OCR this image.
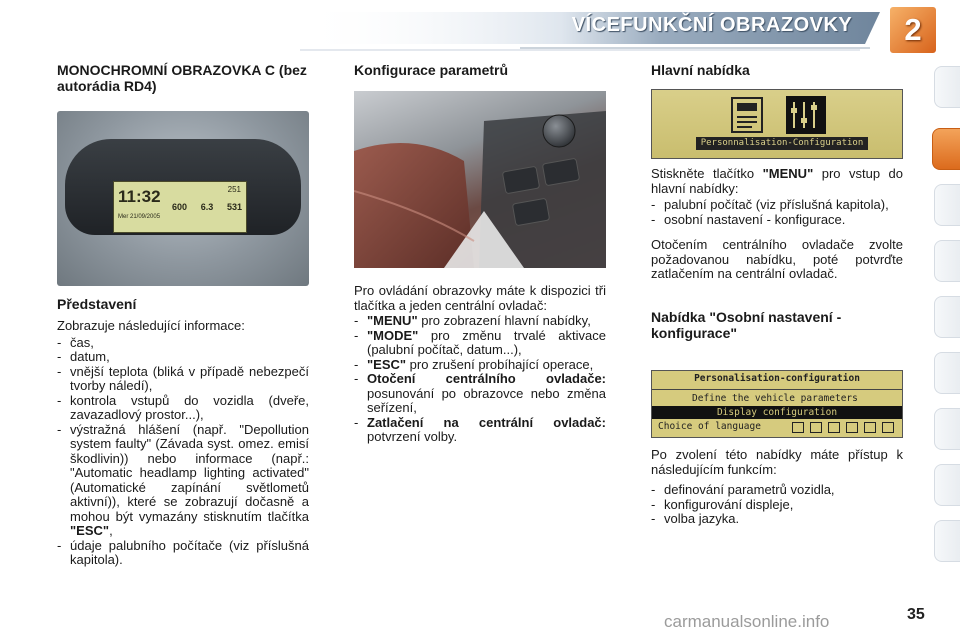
VÍCEFUNKČNÍ OBRAZOVKY	2
MONOCHROMNÍ OBRAZOVKA C (bez autorádia RD4)
11:32	251
Mer 21/09/2005
600 6.3 531
Představení

Zobrazuje následující informace:

- čas,
- datum,
- vnější teplota (bliká v případě nebezpečí tvorby náledí),
- kontrola vstupů do vozidla (dveře, zavazadlový prostor...),
- výstražná hlášení (např. "Depollution system faulty" (Závada syst. omez. emisí škodlivin)) nebo informace (např.: "Automatic headlamp lighting activated" (Automatické zapínání světlometů aktivní)), které se zobrazují dočasně a mohou být vymazány stisknutím tlačítka "ESC",
- údaje palubního počítače (viz příslušná kapitola).
Konfigurace parametrů

Pro ovládání obrazovky máte k dispozici tři tlačítka a jeden centrální ovladač:

- "MENU" pro zobrazení hlavní nabídky,
- "MODE" pro změnu trvalé aktivace (palubní počítač, datum...),
- "ESC" pro zrušení probíhající operace,
- Otočení centrálního ovladače: posunování po obrazovce nebo změna seřízení,
- Zatlačení na centrální ovladač: potvrzení volby.
Hlavní nabídka
Personnalisation-Configuration

Stiskněte tlačítko "MENU" pro vstup do hlavní nabídky:

- palubní počítač (viz příslušná kapitola),
- osobní nastavení - konfigurace.

Otočením centrálního ovladače zvolte požadovanou nabídku, poté potvrďte zatlačením na centrální ovladač.

Nabídka "Osobní nastavení - konfigurace"
Personalisation-configuration
Define the vehicle parameters
Display configuration
Choice of language

Po zvolení této nabídky máte přístup k následujícím funkcím:

- definování parametrů vozidla,
- konfigurování displeje,
- volba jazyka.
carmanualsonline.info	35
